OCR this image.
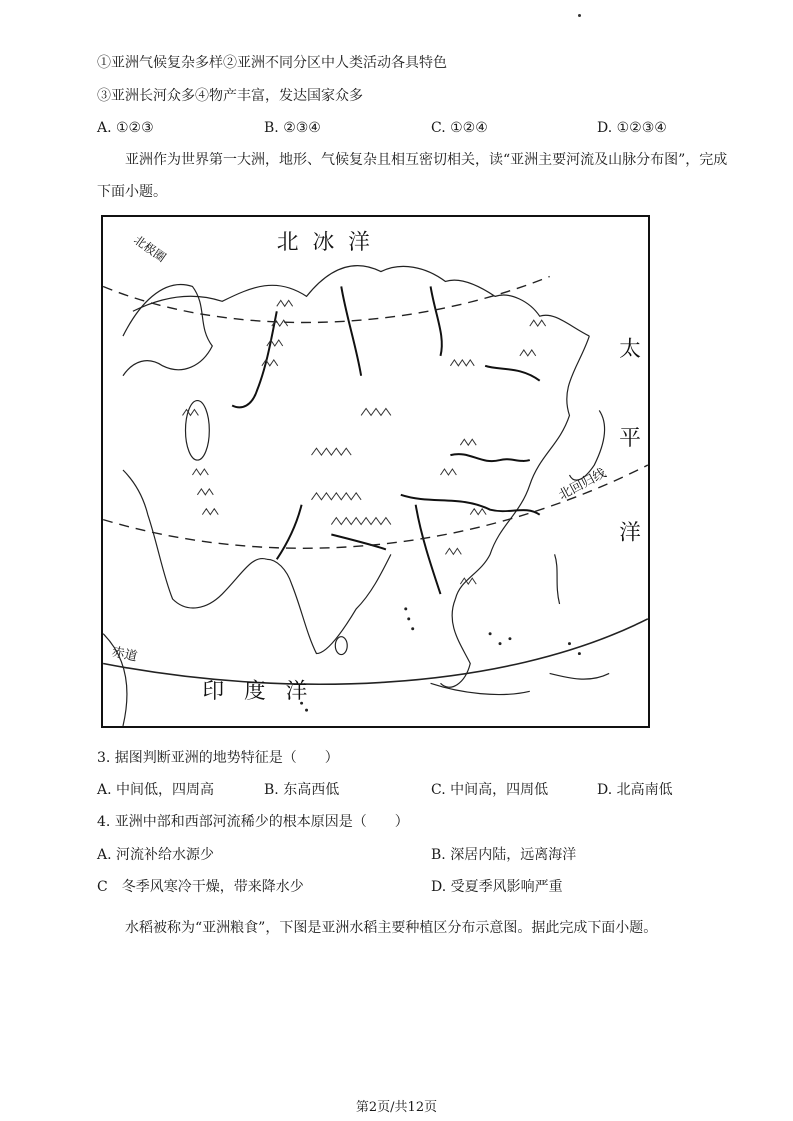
①亚洲气候复杂多样②亚洲不同分区中人类活动各具特色
③亚洲长河众多④物产丰富，发达国家众多
A. ①②③	B. ②③④	C. ①②④	D. ①②③④
亚洲作为世界第一大洲，地形、气候复杂且相互密切相关，读“亚洲主要河流及山脉分布图”，完成
下面小题。
北冰洋
北极圈
太
平
洋
北回归线
赤道
印度洋
3. 据图判断亚洲的地势特征是（　　）
A. 中间低，四周高	B. 东高西低	C. 中间高，四周低	D. 北高南低
4. 亚洲中部和西部河流稀少的根本原因是（　　）
A. 河流补给水源少	B. 深居内陆，远离海洋
C　冬季风寒冷干燥，带来降水少	D. 受夏季风影响严重
水稻被称为“亚洲粮食”，下图是亚洲水稻主要种植区分布示意图。据此完成下面小题。
第2页/共12页
